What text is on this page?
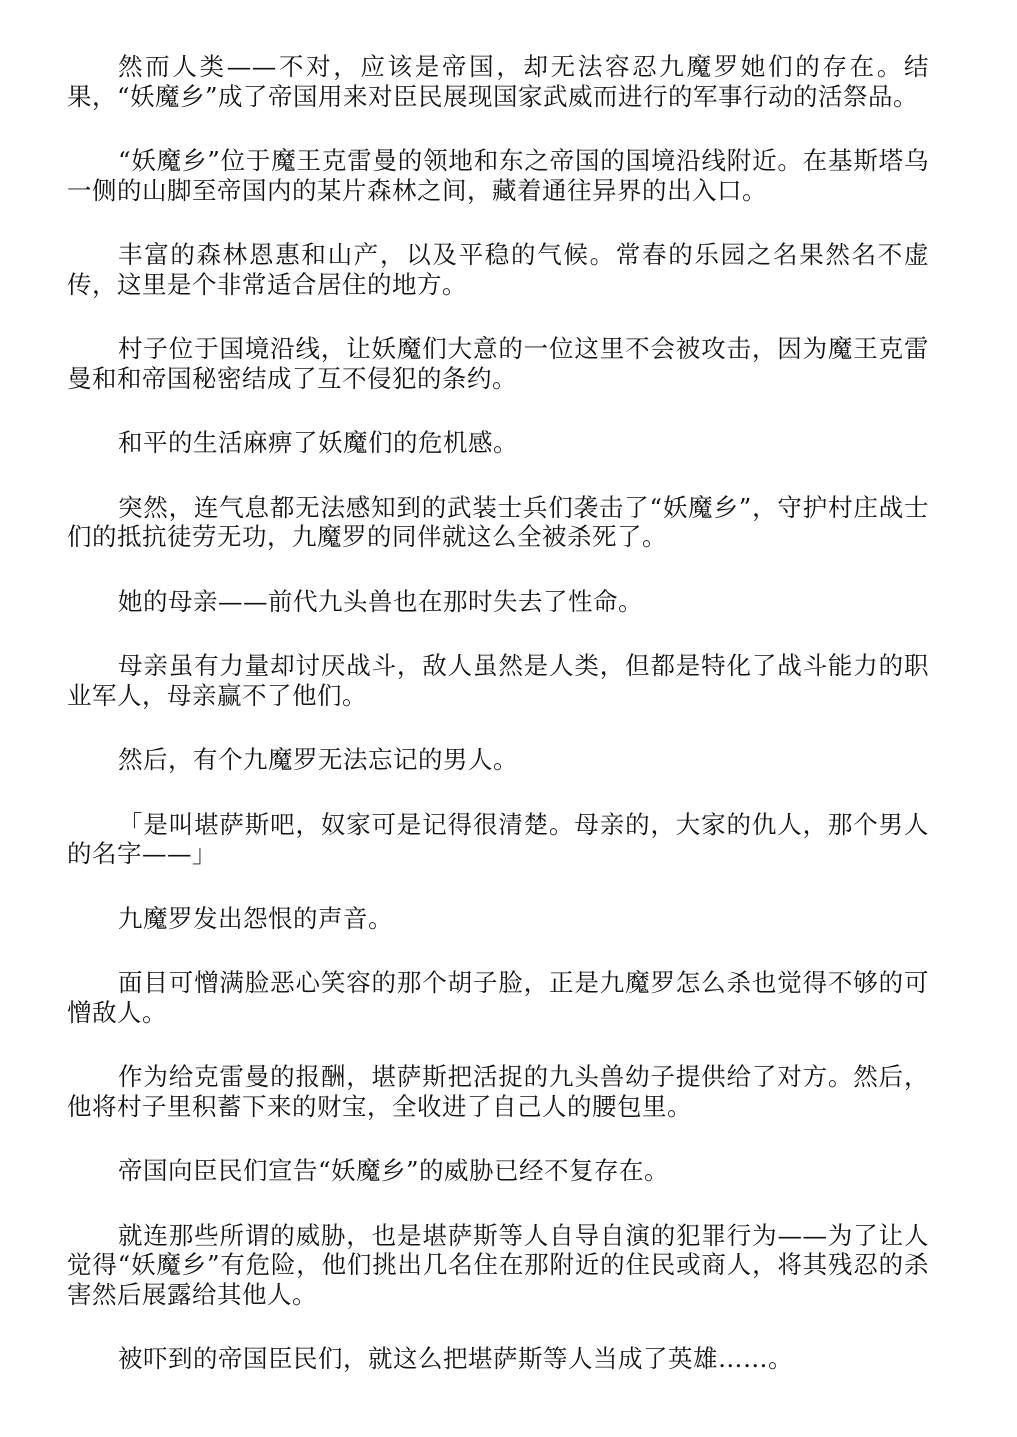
然而人类——不对，应该是帝国，却无法容忍九魔罗她们的存在。结果，“妖魔乡”成了帝国用来对臣民展现国家武威而进行的军事行动的活祭品。

“妖魔乡”位于魔王克雷曼的领地和东之帝国的国境沿线附近。在基斯塔乌一侧的山脚至帝国内的某片森林之间，藏着通往异界的出入口。

丰富的森林恩惠和山产，以及平稳的气候。常春的乐园之名果然名不虚传，这里是个非常适合居住的地方。

村子位于国境沿线，让妖魔们大意的一位这里不会被攻击，因为魔王克雷曼和和帝国秘密结成了互不侵犯的条约。

和平的生活麻痹了妖魔们的危机感。

突然，连气息都无法感知到的武装士兵们袭击了“妖魔乡”，守护村庄战士们的抵抗徒劳无功，九魔罗的同伴就这么全被杀死了。

她的母亲——前代九头兽也在那时失去了性命。

母亲虽有力量却讨厌战斗，敌人虽然是人类，但都是特化了战斗能力的职业军人，母亲赢不了他们。

然后，有个九魔罗无法忘记的男人。

「是叫堪萨斯吧，奴家可是记得很清楚。母亲的，大家的仇人，那个男人的名字——」

九魔罗发出怨恨的声音。

面目可憎满脸恶心笑容的那个胡子脸，正是九魔罗怎么杀也觉得不够的可憎敌人。

作为给克雷曼的报酬，堪萨斯把活捉的九头兽幼子提供给了对方。然后，他将村子里积蓄下来的财宝，全收进了自己人的腰包里。

帝国向臣民们宣告“妖魔乡”的威胁已经不复存在。

就连那些所谓的威胁，也是堪萨斯等人自导自演的犯罪行为——为了让人觉得“妖魔乡”有危险，他们挑出几名住在那附近的住民或商人，将其残忍的杀害然后展露给其他人。

被吓到的帝国臣民们，就这么把堪萨斯等人当成了英雄……。
